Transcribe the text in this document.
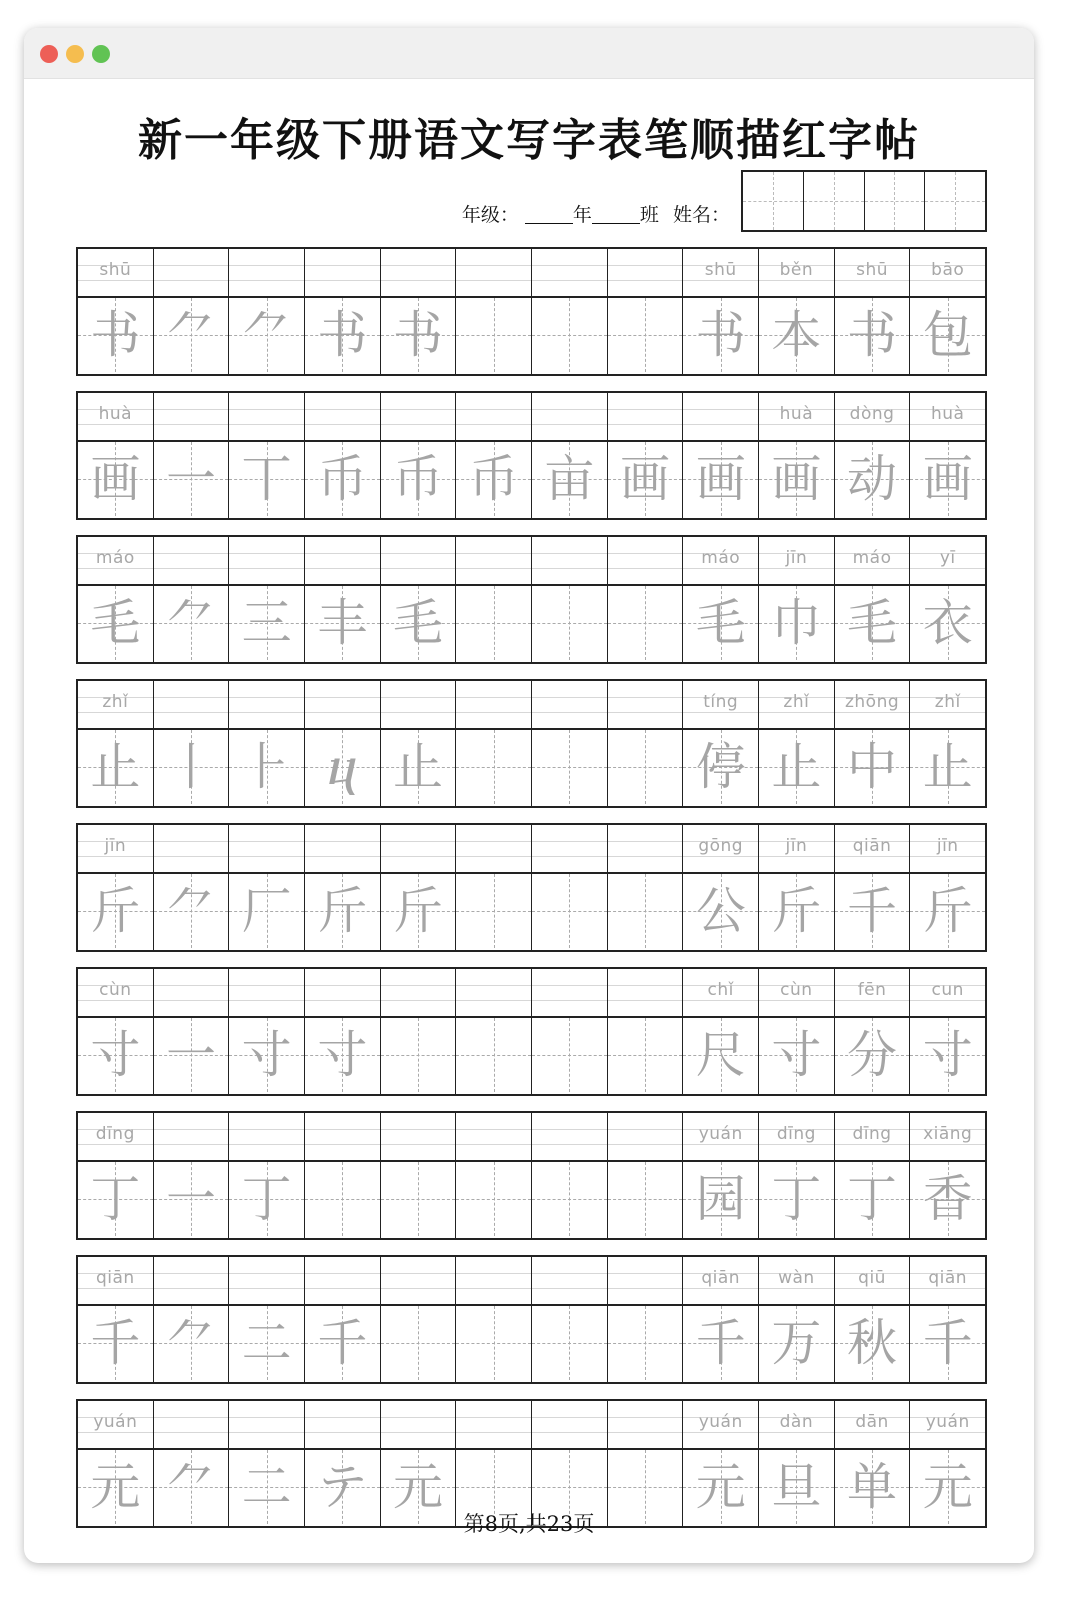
新一年级下册语文写字表笔顺描红字帖
年级：	年	班 姓名：
shū
书 ⺈ ⺈ 书 书
shū
书
běn
本
shū
书
bāo
包
huà
画 一 丅 币 币 币 亩 画 画
huà
画
dòng
动
huà
画
máo
毛 ⺈ 三 丰 毛
máo
毛
jīn
巾
máo
毛
yī
衣
zhǐ
止 丨 ⺊ ⴗ 止
tíng
停
zhǐ
止
zhōng
中
zhǐ
止
jīn
斤 ⺈ 厂 斤 斤
gōng
公
jīn
斤
qiān
千
jīn
斤
cùn
寸 一 寸 寸
chǐ
尺
cùn
寸
fēn
分
cun
寸
dīng
丁 一 丁
yuán
园
dīng
丁
dīng
丁
xiāng
香
qiān
千 ⺈ 二 千
qiān
千
wàn
万
qiū
秋
qiān
千
yuán
元 ⺈ 二 テ 元
yuán
元
dàn
旦
dān
单
yuán
元
第8页,共23页
